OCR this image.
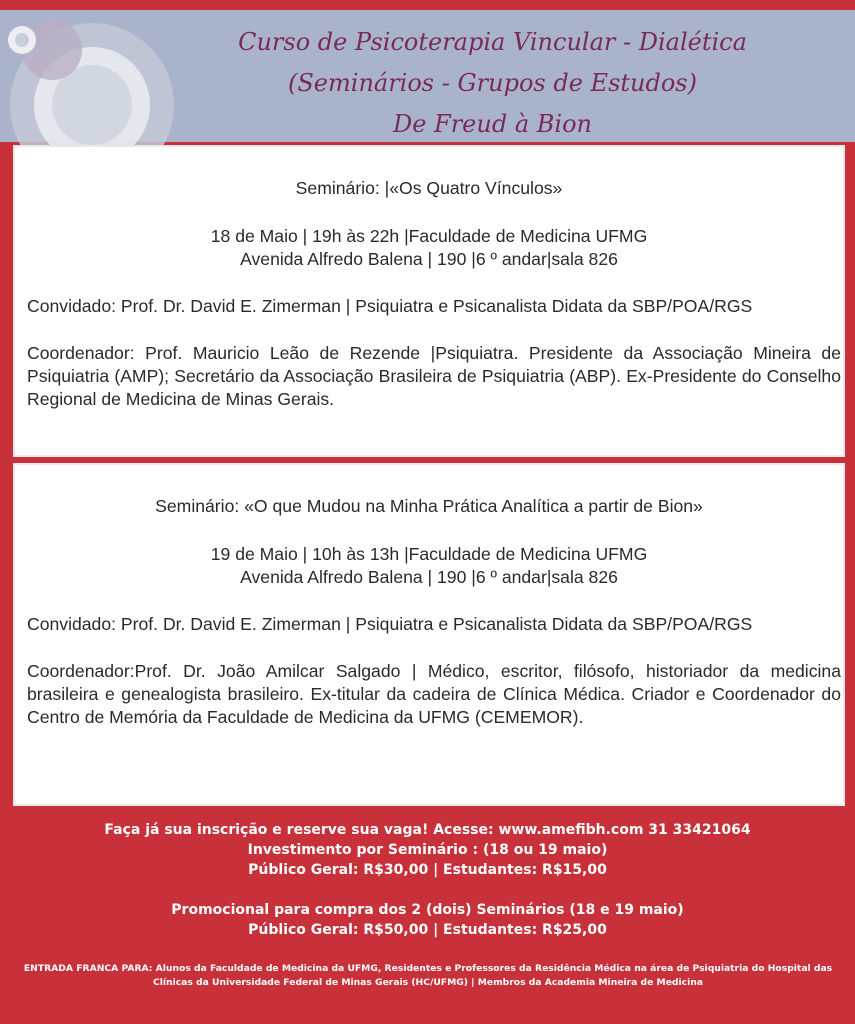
Curso de Psicoterapia Vincular - Dialética
(Seminários - Grupos de Estudos)
De Freud à Bion
Seminário: |«Os Quatro Vínculos»
18 de Maio | 19h às 22h |Faculdade de Medicina UFMG
Avenida Alfredo Balena | 190 |6 º andar|sala 826
Convidado: Prof. Dr. David E. Zimerman | Psiquiatra e Psicanalista Didata da SBP/POA/RGS
Coordenador: Prof. Mauricio Leão de Rezende |Psiquiatra. Presidente da Associação Mineira de Psiquiatria (AMP); Secretário da Associação Brasileira de Psiquiatria (ABP). Ex-Presidente do Conselho Regional de Medicina de Minas Gerais.
Seminário: «O que Mudou na Minha Prática Analítica a partir de Bion»
19 de Maio | 10h às 13h |Faculdade de Medicina UFMG
Avenida Alfredo Balena | 190 |6 º andar|sala 826
Convidado: Prof. Dr. David E. Zimerman | Psiquiatra e Psicanalista Didata da SBP/POA/RGS
Coordenador:Prof. Dr. João Amilcar Salgado | Médico, escritor, filósofo, historiador da medicina brasileira e genealogista brasileiro. Ex-titular da cadeira de Clínica Médica. Criador e Coordenador do Centro de Memória da Faculdade de Medicina da UFMG (CEMEMOR).
Faça já sua inscrição e reserve sua vaga! Acesse: www.amefibh.com 31 33421064
Investimento por Seminário : (18 ou 19 maio)
Público Geral: R$30,00 | Estudantes: R$15,00
Promocional para compra dos 2 (dois) Seminários (18 e 19 maio)
Público Geral: R$50,00 | Estudantes: R$25,00
ENTRADA FRANCA PARA: Alunos da Faculdade de Medicina da UFMG, Residentes e Professores da Residência Médica na área de Psiquiatria do Hospital das Clínicas da Universidade Federal de Minas Gerais (HC/UFMG) | Membros da Academia Mineira de Medicina
